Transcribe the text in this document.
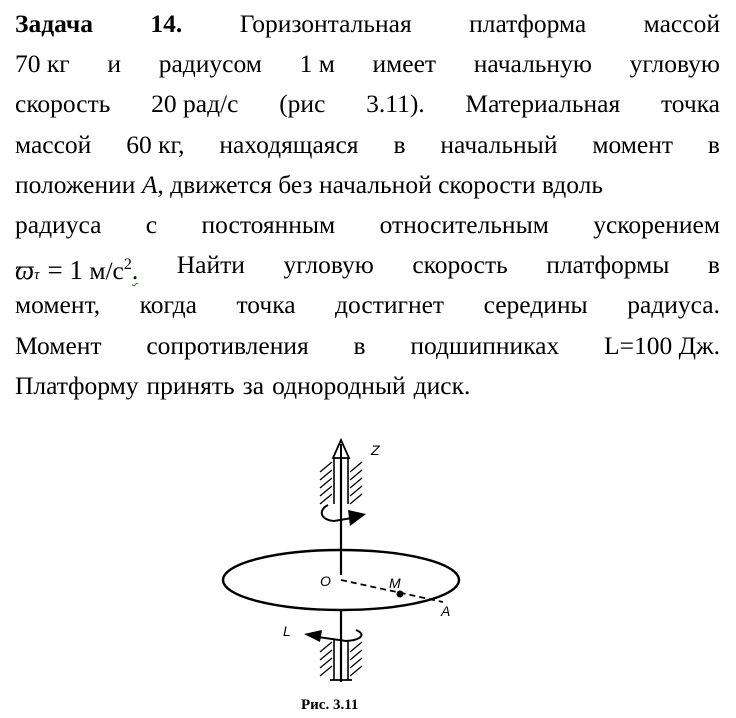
Задача 14. Горизонтальная платформа массой
70 кг и радиусом 1 м имеет начальную угловую
скорость 20 рад/с (рис 3.11). Материальная точка
массой 60 кг, находящаяся в начальный момент в
положении
A , движется без начальной скорости вдоль
радиуса с постоянным относительным ускорением
ϖ τ = 1 $м/с^2$. Найти угловую скорость платформы в
момент, когда точка достигнет середины радиуса.
Момент сопротивления в подшипниках L=100 Дж.
Платформу принять за однородный диск.
Z
O	M
A
L
Рис. 3.11
